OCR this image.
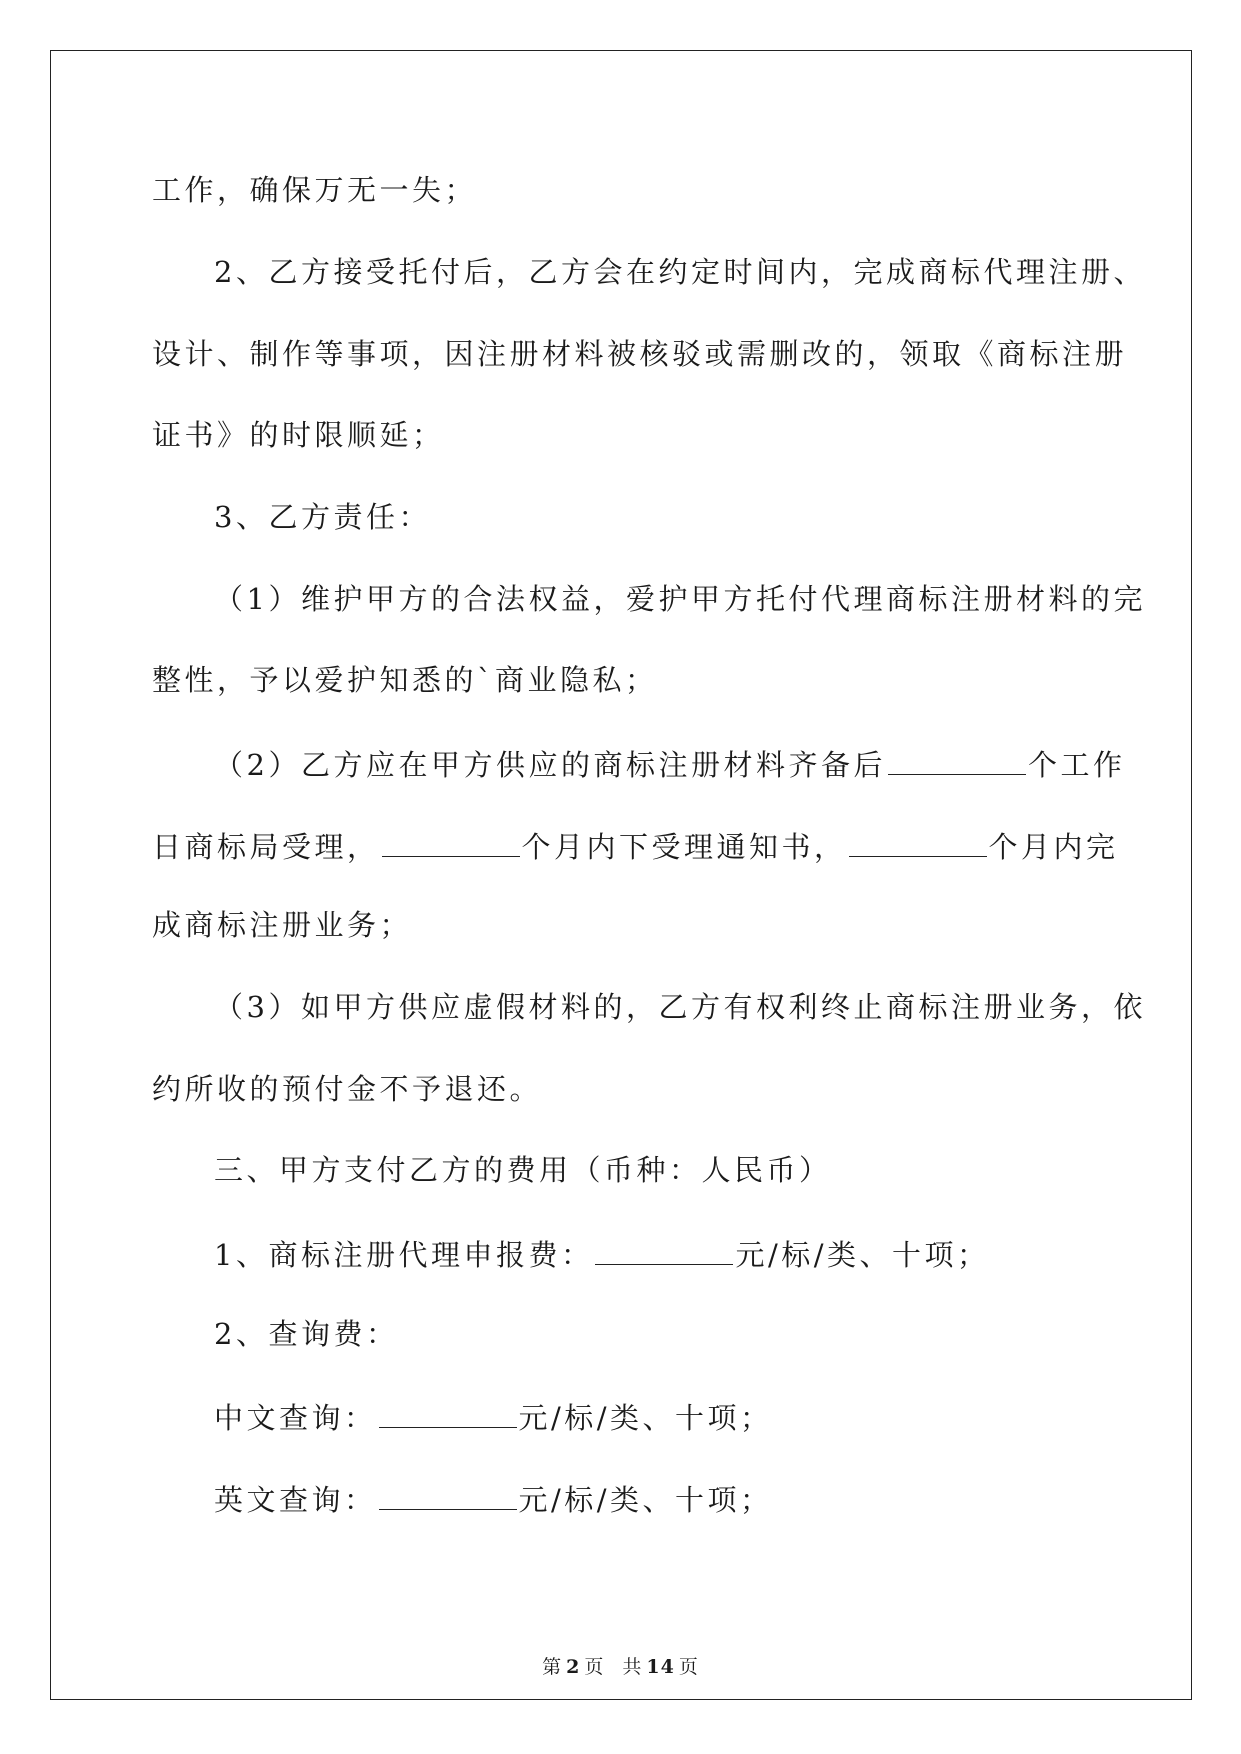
工作，确保万无一失；
2、乙方接受托付后，乙方会在约定时间内，完成商标代理注册、
设计、制作等事项，因注册材料被核驳或需删改的，领取《商标注册
证书》的时限顺延；
3、乙方责任：
（1）维护甲方的合法权益，爱护甲方托付代理商标注册材料的完
整性，予以爱护知悉的`商业隐私；
（2）乙方应在甲方供应的商标注册材料齐备后	个工作
日商标局受理，	个月内下受理通知书，	个月内完
成商标注册业务；
（3）如甲方供应虚假材料的，乙方有权利终止商标注册业务，依
约所收的预付金不予退还。
三、甲方支付乙方的费用（币种：人民币）
1、商标注册代理申报费：	元/标/类、十项；
2、查询费：
中文查询：	元/标/类、十项；
英文查询：	元/标/类、十项；
第 2 页 共 14 页
